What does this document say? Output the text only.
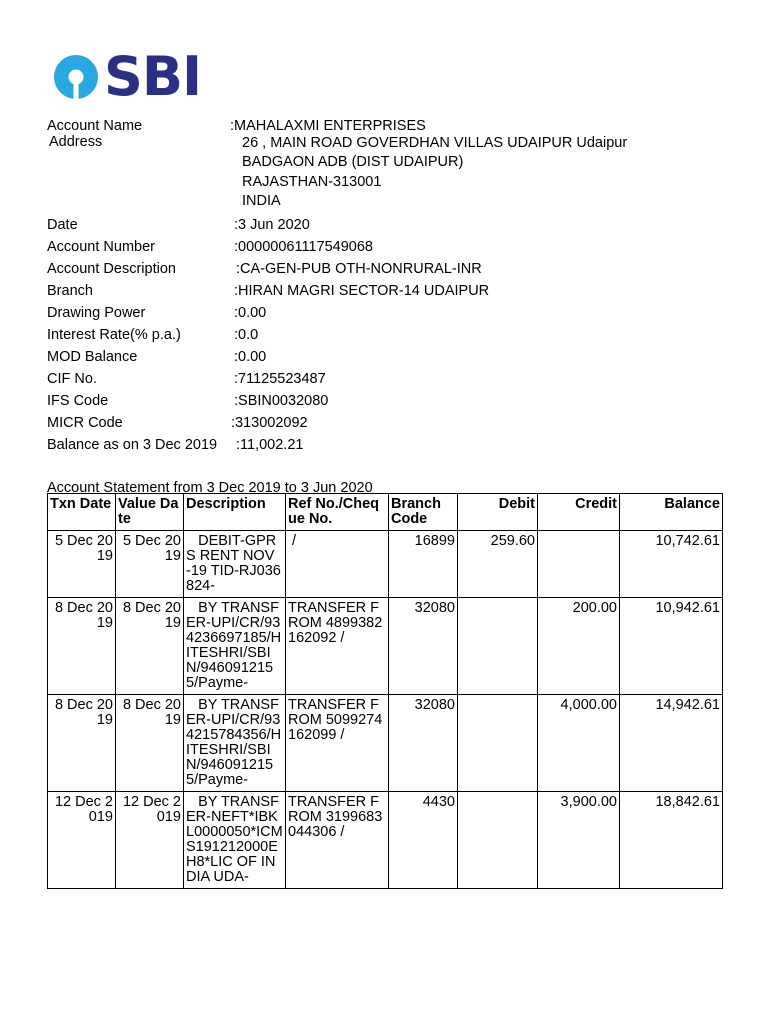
SBI
Account Name	:MAHALAXMI ENTERPRISES
Address	26 , MAIN ROAD GOVERDHAN VILLAS UDAIPUR Udaipur
BADGAON ADB (DIST UDAIPUR)
RAJASTHAN-313001
INDIA
Date	:3 Jun 2020
Account Number	:00000061117549068
Account Description	:CA-GEN-PUB OTH-NONRURAL-INR
Branch	:HIRAN MAGRI SECTOR-14 UDAIPUR
Drawing Power	:0.00
Interest Rate(% p.a.)	:0.0
MOD Balance	:0.00
CIF No.	:71125523487
IFS Code	:SBIN0032080
MICR Code	:313002092
Balance as on 3 Dec 2019 :11,002.21
Account Statement from 3 Dec 2019 to 3 Jun 2020
Txn Date	Value Date	Description	Ref No./Cheque No.	Branch Code	Debit	Credit	Balance
5 Dec 2019	5 Dec 2019	DEBIT-GPRS RENT NOV -19 TID-RJ036824-	/	16899	259.60		10,742.61
8 Dec 2019	8 Dec 2019	BY TRANSFER-UPI/CR/934236697185/HITESHRI/SBIN/9460912155/Payme-	TRANSFER FROM 4899382162092 /	32080		200.00	10,942.61
8 Dec 2019	8 Dec 2019	BY TRANSFER-UPI/CR/934215784356/HITESHRI/SBIN/9460912155/Payme-	TRANSFER FROM 5099274162099 /	32080		4,000.00	14,942.61
12 Dec 2019	12 Dec 2019	BY TRANSFER-NEFT*IBKL0000050*ICMS191212000EH8*LIC OF INDIA UDA-	TRANSFER FROM 3199683044306 /	4430		3,900.00	18,842.61
